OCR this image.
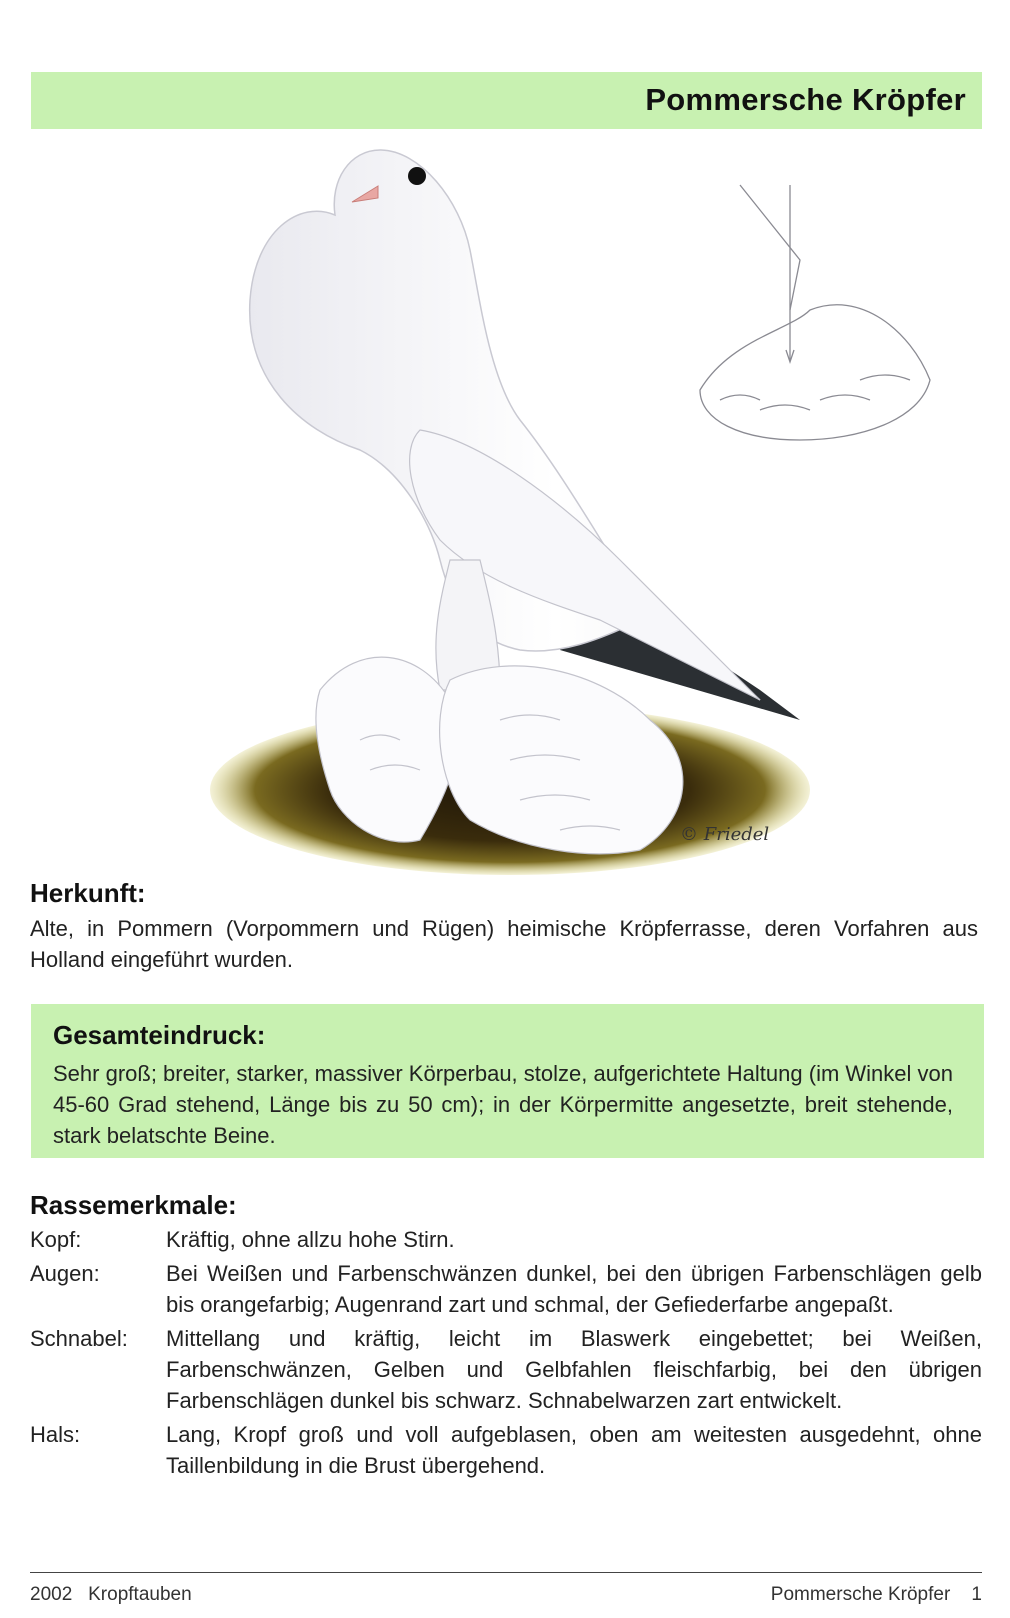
Pommersche Kröpfer
© Friedel
Herkunft:
Alte, in Pommern (Vorpommern und Rügen) heimische Kröpferrasse, deren Vorfahren aus Holland eingeführt wurden.
Gesamteindruck:
Sehr groß; breiter, starker, massiver Körperbau, stolze, aufgerichtete Haltung (im Winkel von 45-60 Grad stehend, Länge bis zu 50 cm); in der Körpermitte angesetzte, breit stehende, stark belatschte Beine.
Rassemerkmale:
Kopf:	Kräftig, ohne allzu hohe Stirn.
Augen:	Bei Weißen und Farbenschwänzen dunkel, bei den übrigen Farbenschlägen gelb bis orangefarbig; Augenrand zart und schmal, der Gefiederfarbe angepaßt.
Schnabel:	Mittellang und kräftig, leicht im Blaswerk eingebettet; bei Weißen, Farbenschwänzen, Gelben und Gelbfahlen fleischfarbig, bei den übrigen Farbenschlägen dunkel bis schwarz. Schnabelwarzen zart entwickelt.
Hals:	Lang, Kropf groß und voll aufgeblasen, oben am weitesten ausgedehnt, ohne Taillenbildung in die Brust übergehend.
2002 Kropftauben	Pommersche Kröpfer 1
